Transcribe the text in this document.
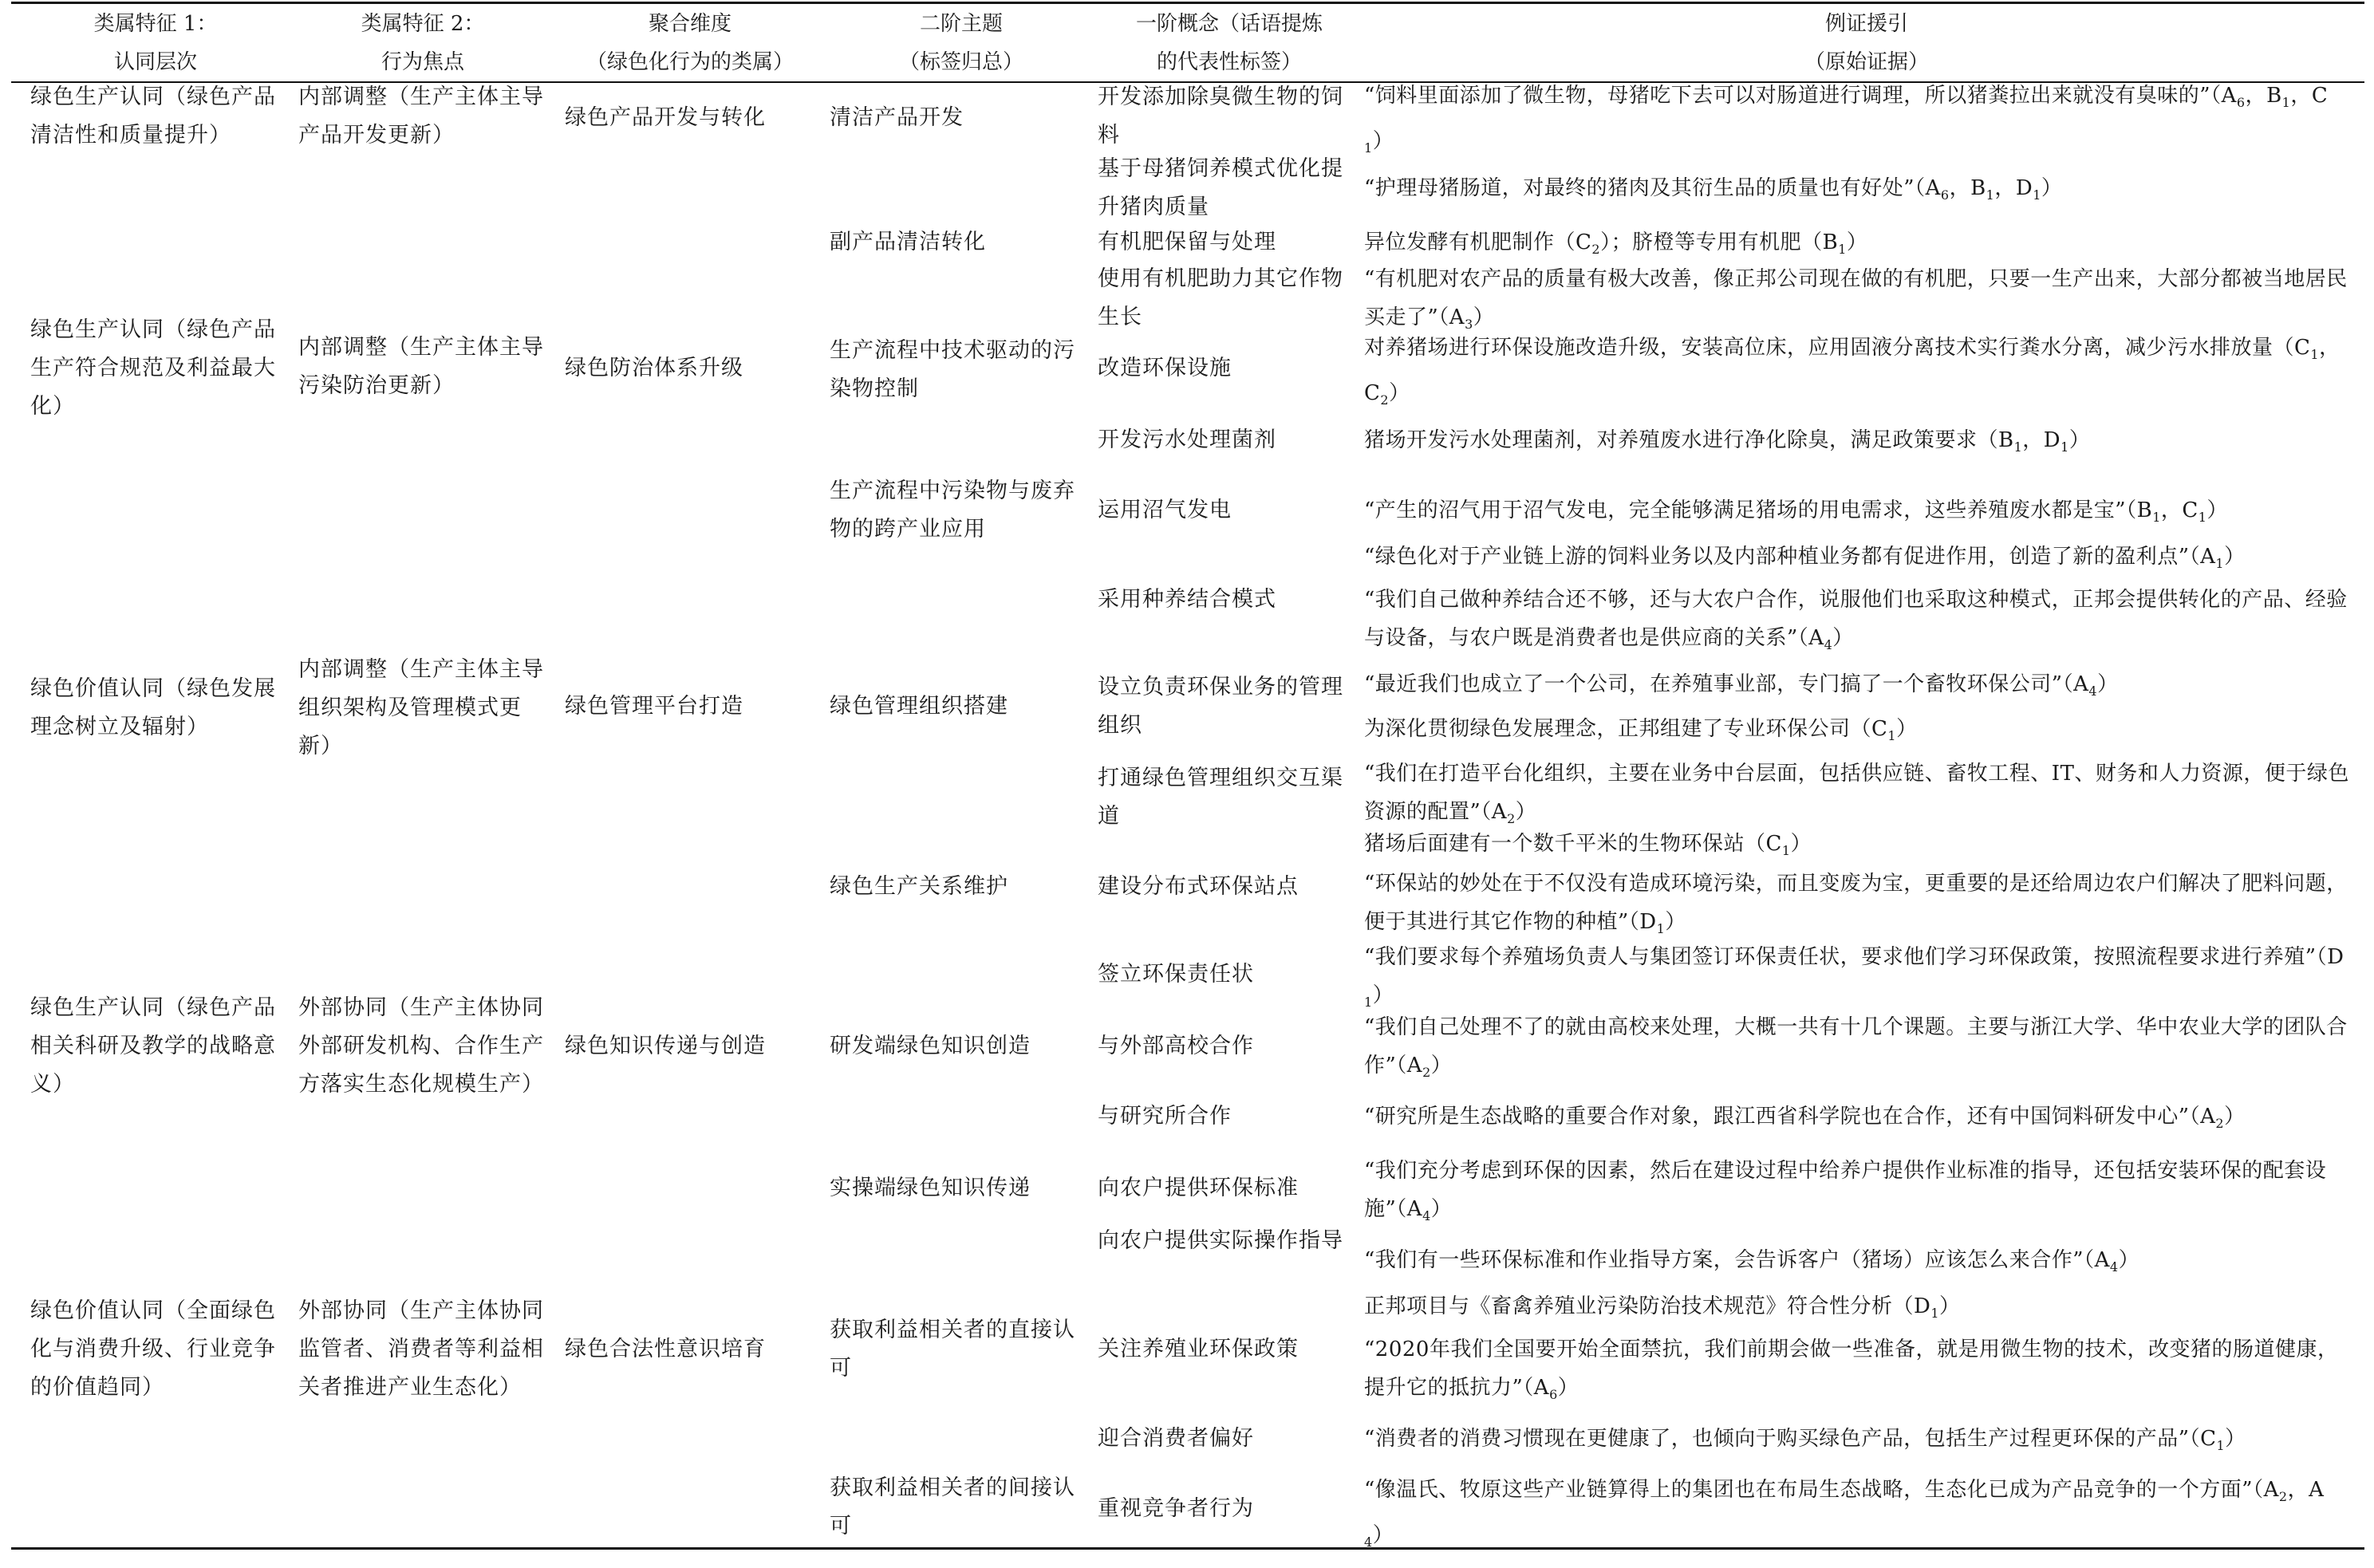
类属特征 1：
认同层次
类属特征 2：
行为焦点
聚合维度
（绿色化行为的类属）
二阶主题
（标签归总）
一阶概念（话语提炼
的代表性标签）
例证援引
（原始证据）
绿色生产认同（绿色产品清洁性和质量提升）
绿色生产认同（绿色产品生产符合规范及利益最大化）
绿色价值认同（绿色发展理念树立及辐射）
绿色生产认同（绿色产品相关科研及教学的战略意义）
绿色价值认同（全面绿色化与消费升级、行业竞争的价值趋同）
内部调整（生产主体主导产品开发更新）
内部调整（生产主体主导污染防治更新）
内部调整（生产主体主导组织架构及管理模式更新）
外部协同（生产主体协同外部研发机构、合作生产方落实生态化规模生产）
外部协同（生产主体协同监管者、消费者等利益相关者推进产业生态化）
绿色产品开发与转化
绿色防治体系升级
绿色管理平台打造
绿色知识传递与创造
绿色合法性意识培育
清洁产品开发
副产品清洁转化
生产流程中技术驱动的污染物控制
生产流程中污染物与废弃物的跨产业应用
绿色管理组织搭建
绿色生产关系维护
研发端绿色知识创造
实操端绿色知识传递
获取利益相关者的直接认可
获取利益相关者的间接认可
开发添加除臭微生物的饲料
基于母猪饲养模式优化提升猪肉质量
有机肥保留与处理
使用有机肥助力其它作物生长
改造环保设施
开发污水处理菌剂
运用沼气发电
采用种养结合模式
设立负责环保业务的管理组织
打通绿色管理组织交互渠道
建设分布式环保站点
签立环保责任状
与外部高校合作
与研究所合作
向农户提供环保标准
向农户提供实际操作指导
关注养殖业环保政策
迎合消费者偏好
重视竞争者行为
“饲料里面添加了微生物，母猪吃下去可以对肠道进行调理，所以猪粪拉出来就没有臭味的$”(A_6$，$B_1$，$C_1$）
“护理母猪肠道，对最终的猪肉及其衍生品的质量也有好处$”(A_6$，$B_1$，$D_1$）
异位发酵有机肥制作$(C_2)$；脐橙等专用有机肥$(B_1)$
“有机肥对农产品的质量有极大改善，像正邦公司现在做的有机肥，只要一生产出来，大部分都被当地居民买走了$”(A_3)$
对养猪场进行环保设施改造升级，安装高位床，应用固液分离技术实行粪水分离，减少污水排放量（$C_1$，$C_2$）
猪场开发污水处理菌剂，对养殖废水进行净化除臭，满足政策要求（$B_1$，$D_1$）
“产生的沼气用于沼气发电，完全能够满足猪场的用电需求，这些养殖废水都是宝$”(B_1$，$C_1$）
“绿色化对于产业链上游的饲料业务以及内部种植业务都有促进作用，创造了新的盈利点$”(A_1)$
“我们自己做种养结合还不够，还与大农户合作，说服他们也采取这种模式，正邦会提供转化的产品、经验与设备，与农户既是消费者也是供应商的关系$”(A_4)$
“最近我们也成立了一个公司，在养殖事业部，专门搞了一个畜牧环保公司$”(A_4)$
为深化贯彻绿色发展理念，正邦组建了专业环保公司$(C_1)$
“我们在打造平台化组织，主要在业务中台层面，包括供应链、畜牧工程、IT、财务和人力资源，便于绿色资源的配置$”(A_2)$
猪场后面建有一个数千平米的生物环保站$(C_1)$
“环保站的妙处在于不仅没有造成环境污染，而且变废为宝，更重要的是还给周边农户们解决了肥料问题，便于其进行其它作物的种植$”(D_1)$
“我们要求每个养殖场负责人与集团签订环保责任状，要求他们学习环保政策，按照流程要求进行养殖$”(D_1)$
“我们自己处理不了的就由高校来处理，大概一共有十几个课题。主要与浙江大学、华中农业大学的团队合作$”(A_2)$
“研究所是生态战略的重要合作对象，跟江西省科学院也在合作，还有中国饲料研发中心$”(A_2)$
“我们充分考虑到环保的因素，然后在建设过程中给养户提供作业标准的指导，还包括安装环保的配套设施$”(A_4)$
“我们有一些环保标准和作业指导方案，会告诉客户（猪场）应该怎么来合作$”(A_4)$
正邦项目与《畜禽养殖业污染防治技术规范》符合性分析$(D_1)$
“2020年我们全国要开始全面禁抗，我们前期会做一些准备，就是用微生物的技术，改变猪的肠道健康，提升它的抵抗力$”(A_6)$
“消费者的消费习惯现在更健康了，也倾向于购买绿色产品，包括生产过程更环保的产品$”(C_1)$
“像温氏、牧原这些产业链算得上的集团也在布局生态战略，生态化已成为产品竞争的一个方面$”(A_2$，$A_4$）
